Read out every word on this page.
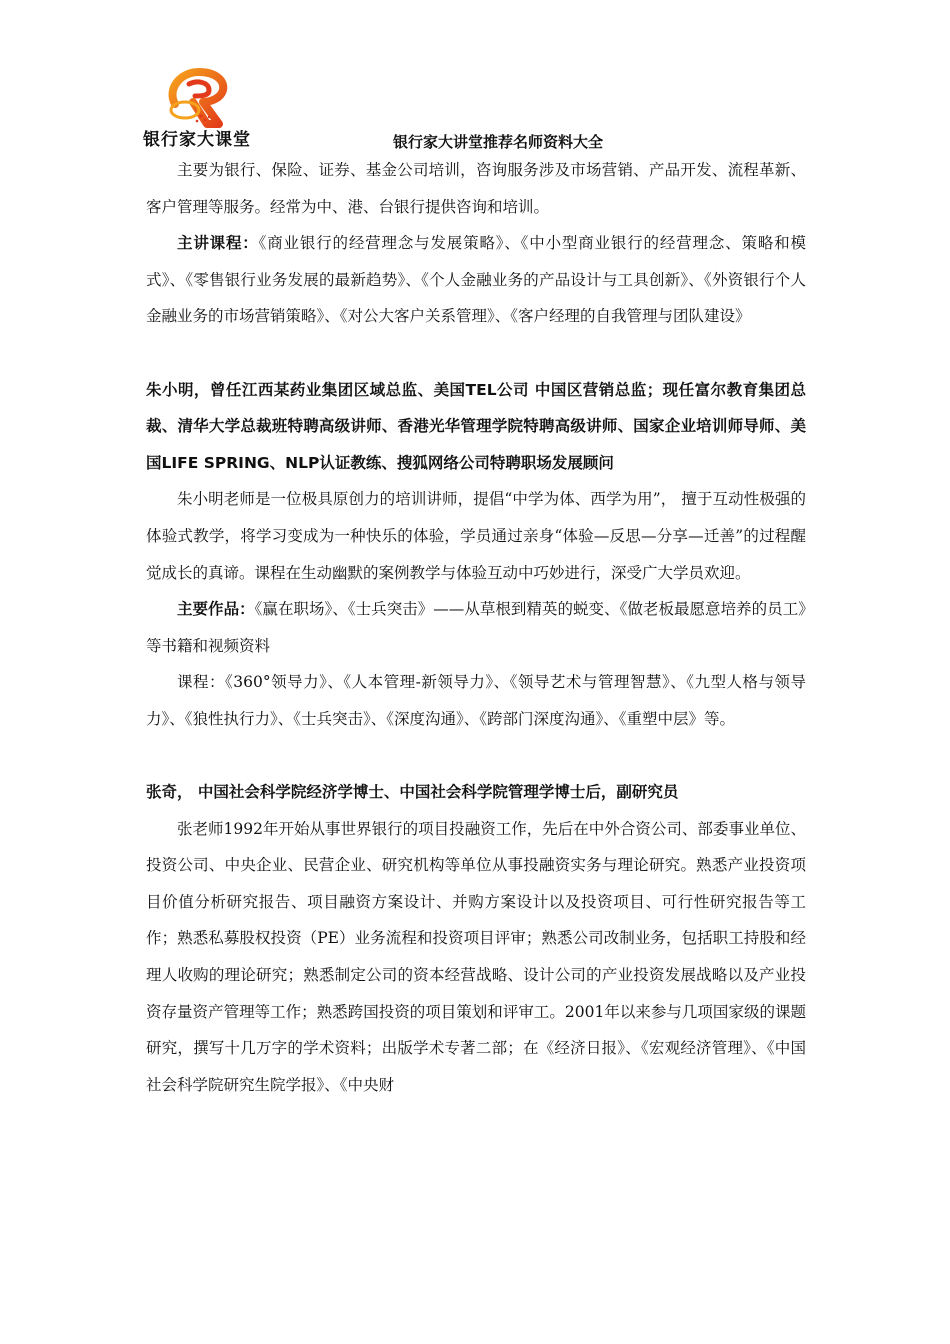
银行家大课堂	银行家大讲堂推荐名师资料大全

主要为银行、保险、证券、基金公司培训，咨询服务涉及市场营销、产品开发、流程革新、客户管理等服务。经常为中、港、台银行提供咨询和培训。

主讲课程：《商业银行的经营理念与发展策略》、《中小型商业银行的经营理念、策略和模式》、《零售银行业务发展的最新趋势》、《个人金融业务的产品设计与工具创新》、《外资银行个人金融业务的市场营销策略》、《对公大客户关系管理》、《客户经理的自我管理与团队建设》

朱小明，曾任江西某药业集团区域总监、美国TEL公司 中国区营销总监；现任富尔教育集团总裁、清华大学总裁班特聘高级讲师、香港光华管理学院特聘高级讲师、国家企业培训师导师、美国LIFE SPRING、NLP认证教练、搜狐网络公司特聘职场发展顾问

朱小明老师是一位极具原创力的培训讲师，提倡“中学为体、西学为用”， 擅于互动性极强的体验式教学，将学习变成为一种快乐的体验，学员通过亲身“体验—反思—分享—迁善”的过程醒觉成长的真谛。课程在生动幽默的案例教学与体验互动中巧妙进行，深受广大学员欢迎。

主要作品：《赢在职场》、《士兵突击》——从草根到精英的蜕变、《做老板最愿意培养的员工》等书籍和视频资料

课程：《360°领导力》、《人本管理-新领导力》、《领导艺术与管理智慧》、《九型人格与领导力》、《狼性执行力》、《士兵突击》、《深度沟通》、《跨部门深度沟通》、《重塑中层》等。

张奇， 中国社会科学院经济学博士、中国社会科学院管理学博士后，副研究员

张老师1992年开始从事世界银行的项目投融资工作，先后在中外合资公司、部委事业单位、投资公司、中央企业、民营企业、研究机构等单位从事投融资实务与理论研究。熟悉产业投资项目价值分析研究报告、项目融资方案设计、并购方案设计以及投资项目、可行性研究报告等工作；熟悉私募股权投资（PE）业务流程和投资项目评审；熟悉公司改制业务，包括职工持股和经理人收购的理论研究；熟悉制定公司的资本经营战略、设计公司的产业投资发展战略以及产业投资存量资产管理等工作；熟悉跨国投资的项目策划和评审工。2001年以来参与几项国家级的课题研究，撰写十几万字的学术资料；出版学术专著二部；在《经济日报》、《宏观经济管理》、《中国社会科学院研究生院学报》、《中央财
